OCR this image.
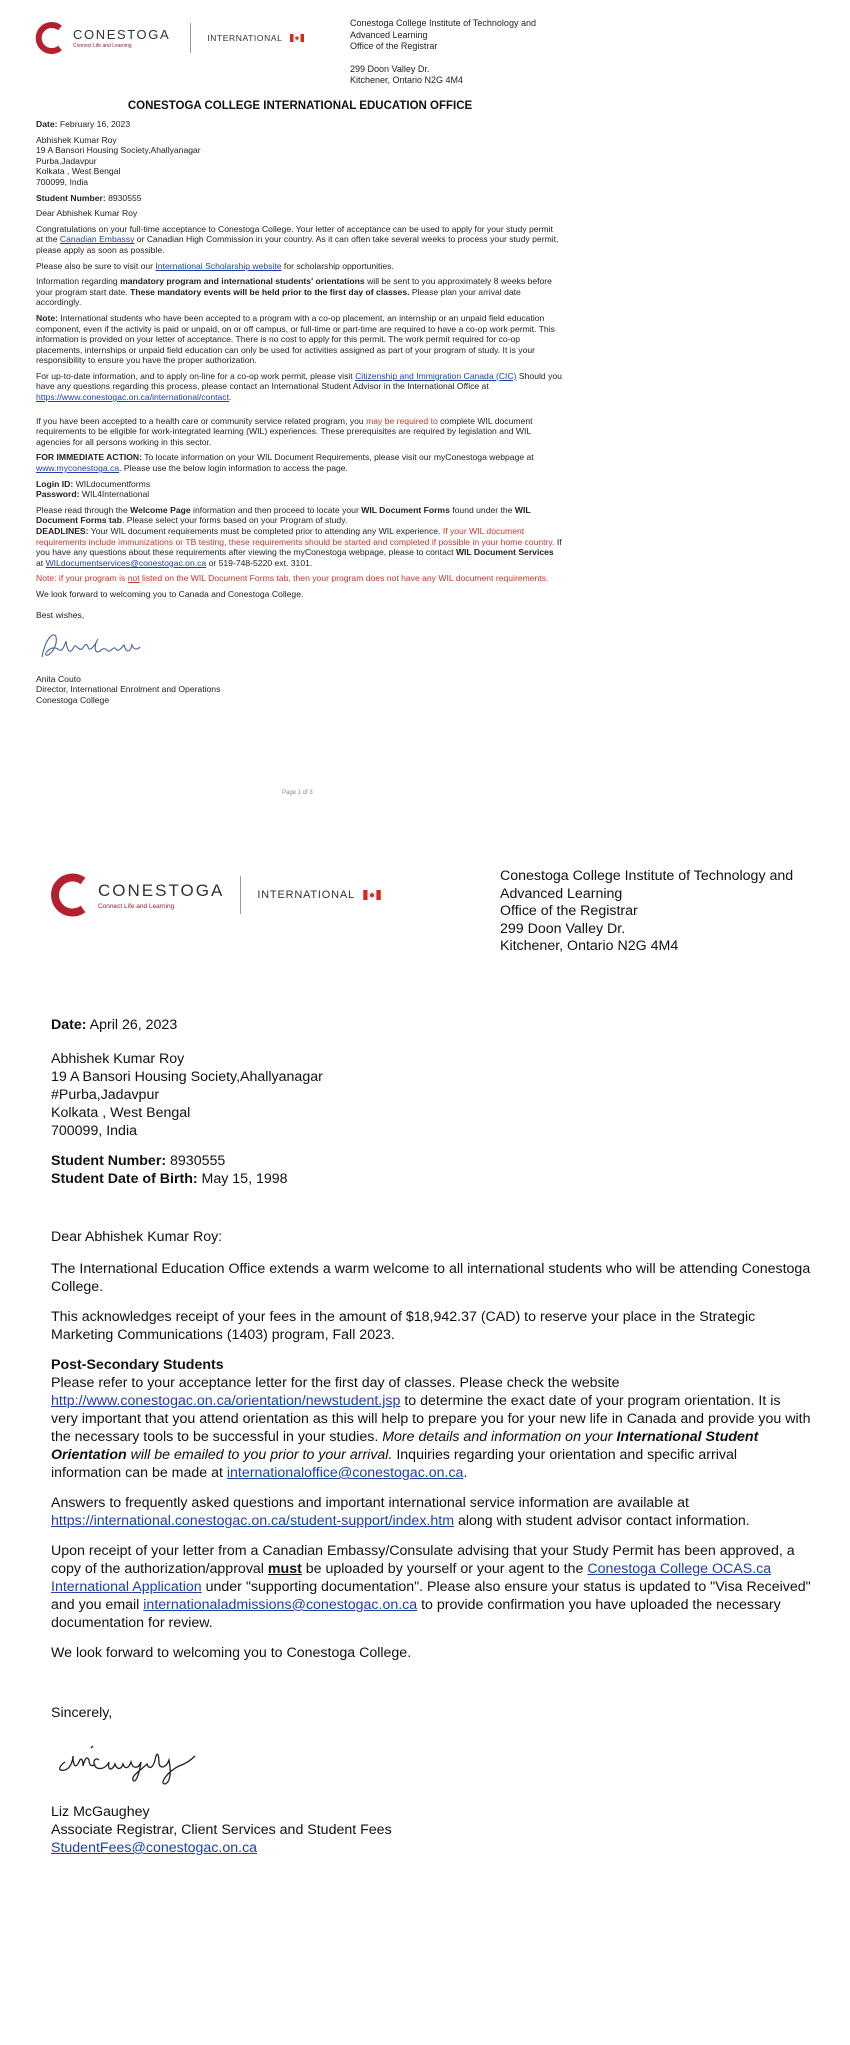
CONESTOGA
Connect Life and Learning
INTERNATIONAL
Conestoga College Institute of Technology and
Advanced Learning
Office of the Registrar
299 Doon Valley Dr.
Kitchener, Ontario N2G 4M4
CONESTOGA COLLEGE INTERNATIONAL EDUCATION OFFICE

Date: February 16, 2023

Abhishek Kumar Roy
19 A Bansori Housing Society,Ahallyanagar
Purba,Jadavpur
Kolkata , West Bengal
700099, India

Student Number: 8930555

Dear Abhishek Kumar Roy

Congratulations on your full-time acceptance to Conestoga College. Your letter of acceptance can be used to apply for your study permit at the Canadian Embassy or Canadian High Commission in your country. As it can often take several weeks to process your study permit, please apply as soon as possible.

Please also be sure to visit our International Scholarship website for scholarship opportunities.

Information regarding mandatory program and international students' orientations will be sent to you approximately 8 weeks before your program start date. These mandatory events will be held prior to the first day of classes. Please plan your arrival date accordingly.

Note: International students who have been accepted to a program with a co-op placement, an internship or an unpaid field education component, even if the activity is paid or unpaid, on or off campus, or full-time or part-time are required to have a co-op work permit. This information is provided on your letter of acceptance. There is no cost to apply for this permit. The work permit required for co-op placements, internships or unpaid field education can only be used for activities assigned as part of your program of study. It is your responsibility to ensure you have the proper authorization.

For up-to-date information, and to apply on-line for a co-op work permit, please visit Citizenship and Immigration Canada (CIC) Should you have any questions regarding this process, please contact an International Student Advisor in the International Office at https://www.conestogac.on.ca/international/contact.

If you have been accepted to a health care or community service related program, you may be required to complete WIL document requirements to be eligible for work-integrated learning (WIL) experiences. These prerequisites are required by legislation and WIL agencies for all persons working in this sector.

FOR IMMEDIATE ACTION: To locate information on your WIL Document Requirements, please visit our myConestoga webpage at www.myconestoga.ca. Please use the below login information to access the page.

Login ID: WILdocumentforms
Password: WIL4International

Please read through the Welcome Page information and then proceed to locate your WIL Document Forms found under the WIL Document Forms tab. Please select your forms based on your Program of study.

DEADLINES: Your WIL document requirements must be completed prior to attending any WIL experience. If your WIL document requirements include immunizations or TB testing, these requirements should be started and completed if possible in your home country. If you have any questions about these requirements after viewing the myConestoga webpage, please to contact WIL Document Services at WILdocumentservices@conestogac.on.ca or 519-748-5220 ext. 3101.

Note: if your program is not listed on the WIL Document Forms tab, then your program does not have any WIL document requirements.

We look forward to welcoming you to Canada and Conestoga College.

Best wishes,

Anita Couto
Director, International Enrolment and Operations
Conestoga College

Page 1 of 3
CONESTOGA
Connect Life and Learning
INTERNATIONAL
Conestoga College Institute of Technology and
Advanced Learning
Office of the Registrar
299 Doon Valley Dr.
Kitchener, Ontario N2G 4M4

Date: April 26, 2023

Abhishek Kumar Roy
19 A Bansori Housing Society,Ahallyanagar
#Purba,Jadavpur
Kolkata , West Bengal
700099, India

Student Number: 8930555
Student Date of Birth: May 15, 1998

Dear Abhishek Kumar Roy:

The International Education Office extends a warm welcome to all international students who will be attending Conestoga College.

This acknowledges receipt of your fees in the amount of $18,942.37 (CAD) to reserve your place in the Strategic Marketing Communications (1403) program, Fall 2023.

Post-Secondary Students
Please refer to your acceptance letter for the first day of classes. Please check the website http://www.conestogac.on.ca/orientation/newstudent.jsp to determine the exact date of your program orientation. It is very important that you attend orientation as this will help to prepare you for your new life in Canada and provide you with the necessary tools to be successful in your studies. More details and information on your International Student Orientation will be emailed to you prior to your arrival. Inquiries regarding your orientation and specific arrival information can be made at internationaloffice@conestogac.on.ca.

Answers to frequently asked questions and important international service information are available at https://international.conestogac.on.ca/student-support/index.htm along with student advisor contact information.

Upon receipt of your letter from a Canadian Embassy/Consulate advising that your Study Permit has been approved, a copy of the authorization/approval must be uploaded by yourself or your agent to the Conestoga College OCAS.ca International Application under "supporting documentation". Please also ensure your status is updated to "Visa Received" and you email internationaladmissions@conestogac.on.ca to provide confirmation you have uploaded the necessary documentation for review.

We look forward to welcoming you to Conestoga College.

Sincerely,

Liz McGaughey
Associate Registrar, Client Services and Student Fees
StudentFees@conestogac.on.ca
